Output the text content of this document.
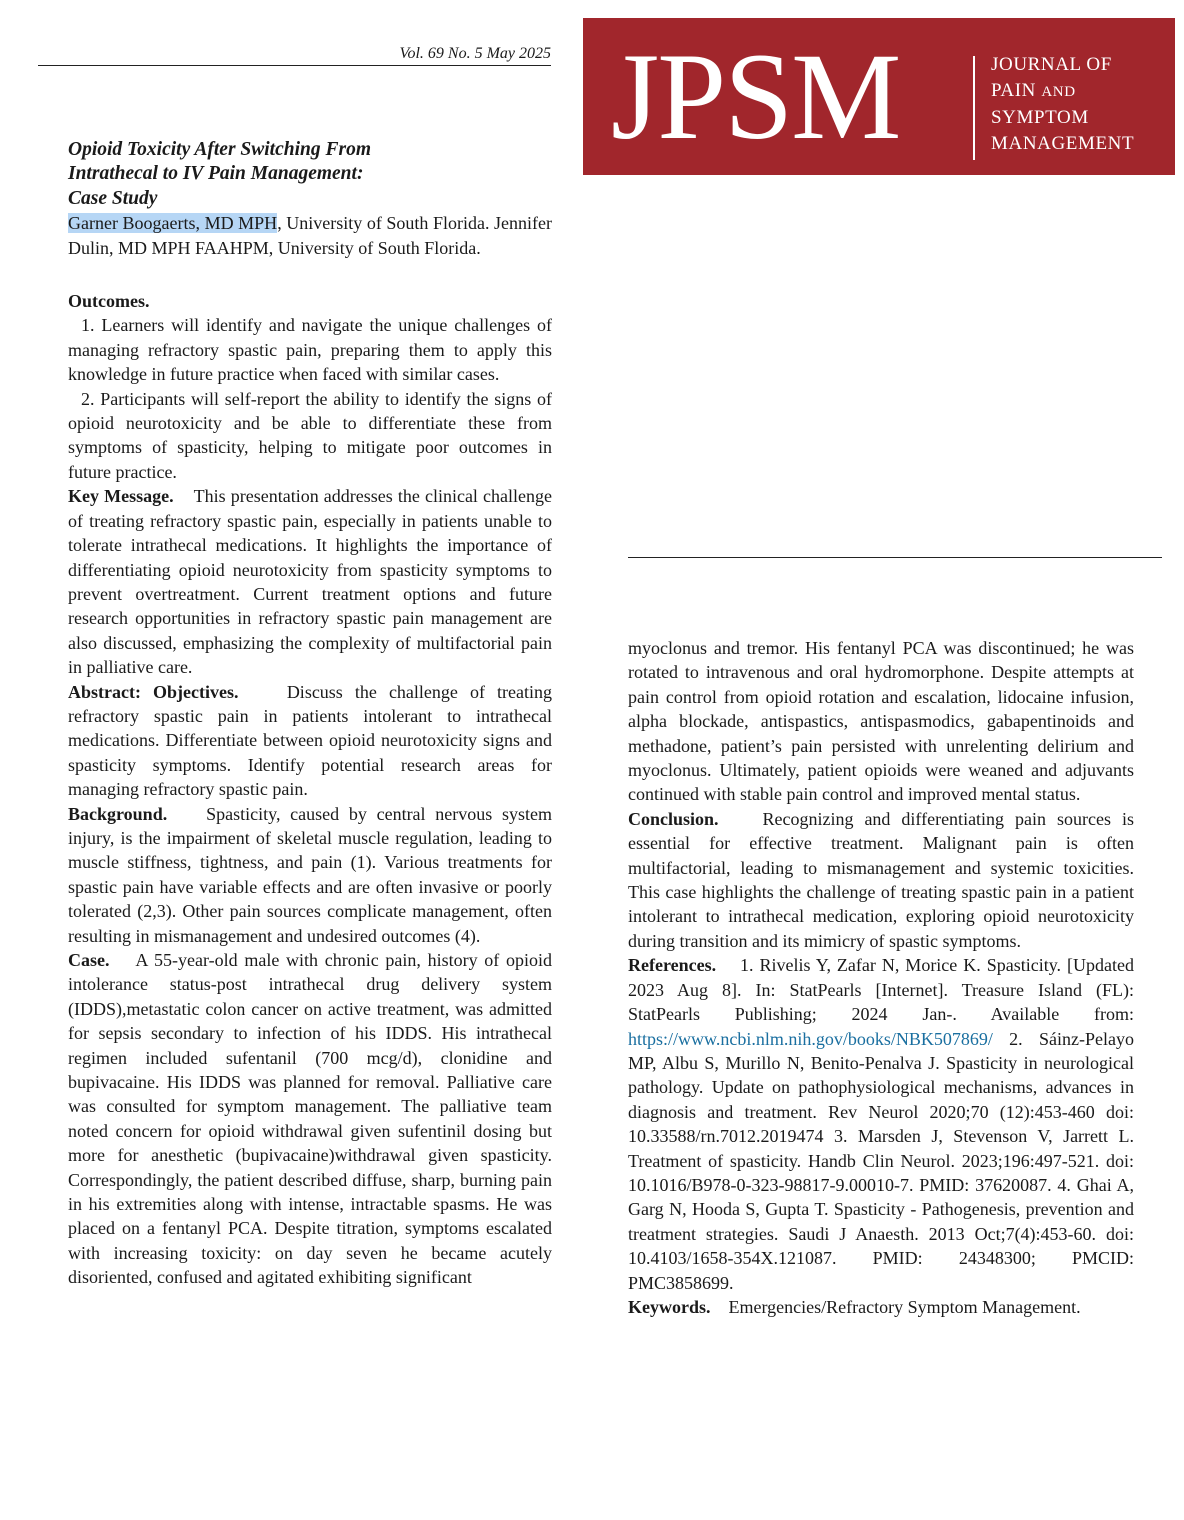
Vol. 69 No. 5 May 2025 JPSM	JOURNAL OF
PAIN AND
SYMPTOM
MANAGEMENT
Opioid Toxicity After Switching From
Intrathecal to IV Pain Management:
Case Study

Garner Boogaerts, MD MPH, University of South Florida. Jennifer Dulin, MD MPH FAAHPM, University of South Florida.

Outcomes.

1. Learners will identify and navigate the unique challenges of managing refractory spastic pain, preparing them to apply this knowledge in future practice when faced with similar cases.

2. Participants will self-report the ability to identify the signs of opioid neurotoxicity and be able to differentiate these from symptoms of spasticity, helping to mitigate poor outcomes in future practice.

Key Message. This presentation addresses the clinical challenge of treating refractory spastic pain, especially in patients unable to tolerate intrathecal medications. It highlights the importance of differentiating opioid neurotoxicity from spasticity symptoms to prevent overtreatment. Current treatment options and future research opportunities in refractory spastic pain management are also discussed, emphasizing the complexity of multifactorial pain in palliative care.

Abstract: Objectives.	Discuss the challenge of treating refractory spastic pain in patients intolerant to intrathecal medications. Differentiate between opioid neurotoxicity signs and spasticity symptoms. Identify potential research areas for managing refractory spastic pain.

Background. Spasticity, caused by central nervous system injury, is the impairment of skeletal muscle regulation, leading to muscle stiffness, tightness, and pain (1). Various treatments for spastic pain have variable effects and are often invasive or poorly tolerated (2,3). Other pain sources complicate management, often resulting in mismanagement and undesired outcomes (4).

Case. A 55-year-old male with chronic pain, history of opioid intolerance status-post intrathecal drug delivery system (IDDS),metastatic colon cancer on active treatment, was admitted for sepsis secondary to infection of his IDDS. His intrathecal regimen included sufentanil (700 mcg/d), clonidine and bupivacaine. His IDDS was planned for removal. Palliative care was consulted for symptom management. The palliative team noted concern for opioid withdrawal given sufentinil dosing but more for anesthetic (bupivacaine)withdrawal given spasticity. Correspondingly, the patient described diffuse, sharp, burning pain in his extremities along with intense, intractable spasms. He was placed on a fentanyl PCA. Despite titration, symptoms escalated with increasing toxicity: on day seven he became acutely disoriented, confused and agitated exhibiting significant

myoclonus and tremor. His fentanyl PCA was discontinued; he was rotated to intravenous and oral hydromorphone. Despite attempts at pain control from opioid rotation and escalation, lidocaine infusion, alpha blockade, antispastics, antispasmodics, gabapentinoids and methadone, patient’s pain persisted with unrelenting delirium and myoclonus. Ultimately, patient opioids were weaned and adjuvants continued with stable pain control and improved mental status.

Conclusion. Recognizing and differentiating pain sources is essential for effective treatment. Malignant pain is often multifactorial, leading to mismanagement and systemic toxicities. This case highlights the challenge of treating spastic pain in a patient intolerant to intrathecal medication, exploring opioid neurotoxicity during transition and its mimicry of spastic symptoms.

References. 1. Rivelis Y, Zafar N, Morice K. Spasticity. [Updated 2023 Aug 8]. In: StatPearls [Internet]. Treasure Island (FL): StatPearls Publishing; 2024 Jan-. Available from: https://www.ncbi.nlm.nih.gov/books/NBK507869/ 2. Sáinz-Pelayo MP, Albu S, Murillo N, Benito-Penalva J. Spasticity in neurological pathology. Update on pathophysiological mechanisms, advances in diagnosis and treatment. Rev Neurol 2020;70 (12):453-460 doi: 10.33588/rn.7012.2019474 3. Marsden J, Stevenson V, Jarrett L. Treatment of spasticity. Handb Clin Neurol. 2023;196:497-521. doi: 10.1016/B978-0-323-98817-9.00010-7. PMID: 37620087. 4. Ghai A, Garg N, Hooda S, Gupta T. Spasticity - Pathogenesis, prevention and treatment strategies. Saudi J Anaesth. 2013 Oct;7(4):453-60. doi: 10.4103/1658-354X.121087. PMID: 24348300; PMCID: PMC3858699.

Keywords. Emergencies/Refractory Symptom Management.
